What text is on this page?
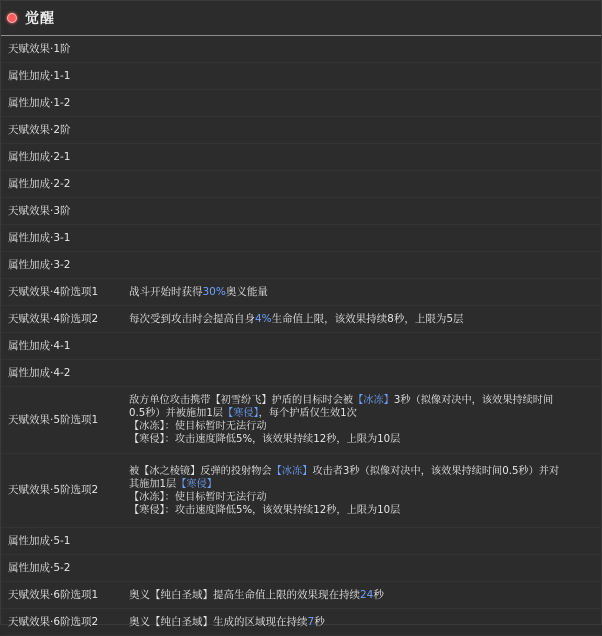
觉醒
天赋效果·1阶	
属性加成·1-1	
属性加成·1-2	
天赋效果·2阶	
属性加成·2-1	
属性加成·2-2	
天赋效果·3阶	
属性加成·3-1	
属性加成·3-2	
天赋效果·4阶选项1	战斗开始时获得30%奥义能量
天赋效果·4阶选项2	每次受到攻击时会提高自身4%生命值上限，该效果持续8秒，上限为5层
属性加成·4-1	
属性加成·4-2	
天赋效果·5阶选项1	敌方单位攻击携带【初雪纷飞】护盾的目标时会被【冰冻】3秒（拟像对决中，该效果持续时间
0.5秒）并被施加1层【寒侵】，每个护盾仅生效1次
【冰冻】：使目标暂时无法行动
【寒侵】：攻击速度降低5%，该效果持续12秒，上限为10层

天赋效果·5阶选项2	被【冰之棱镜】反弹的投射物会【冰冻】攻击者3秒（拟像对决中，该效果持续时间0.5秒）并对
其施加1层【寒侵】
【冰冻】：使目标暂时无法行动
【寒侵】：攻击速度降低5%，该效果持续12秒，上限为10层

属性加成·5-1	
属性加成·5-2	
天赋效果·6阶选项1	奥义【纯白圣域】提高生命值上限的效果现在持续24秒
天赋效果·6阶选项2	奥义【纯白圣域】生成的区域现在持续7秒
